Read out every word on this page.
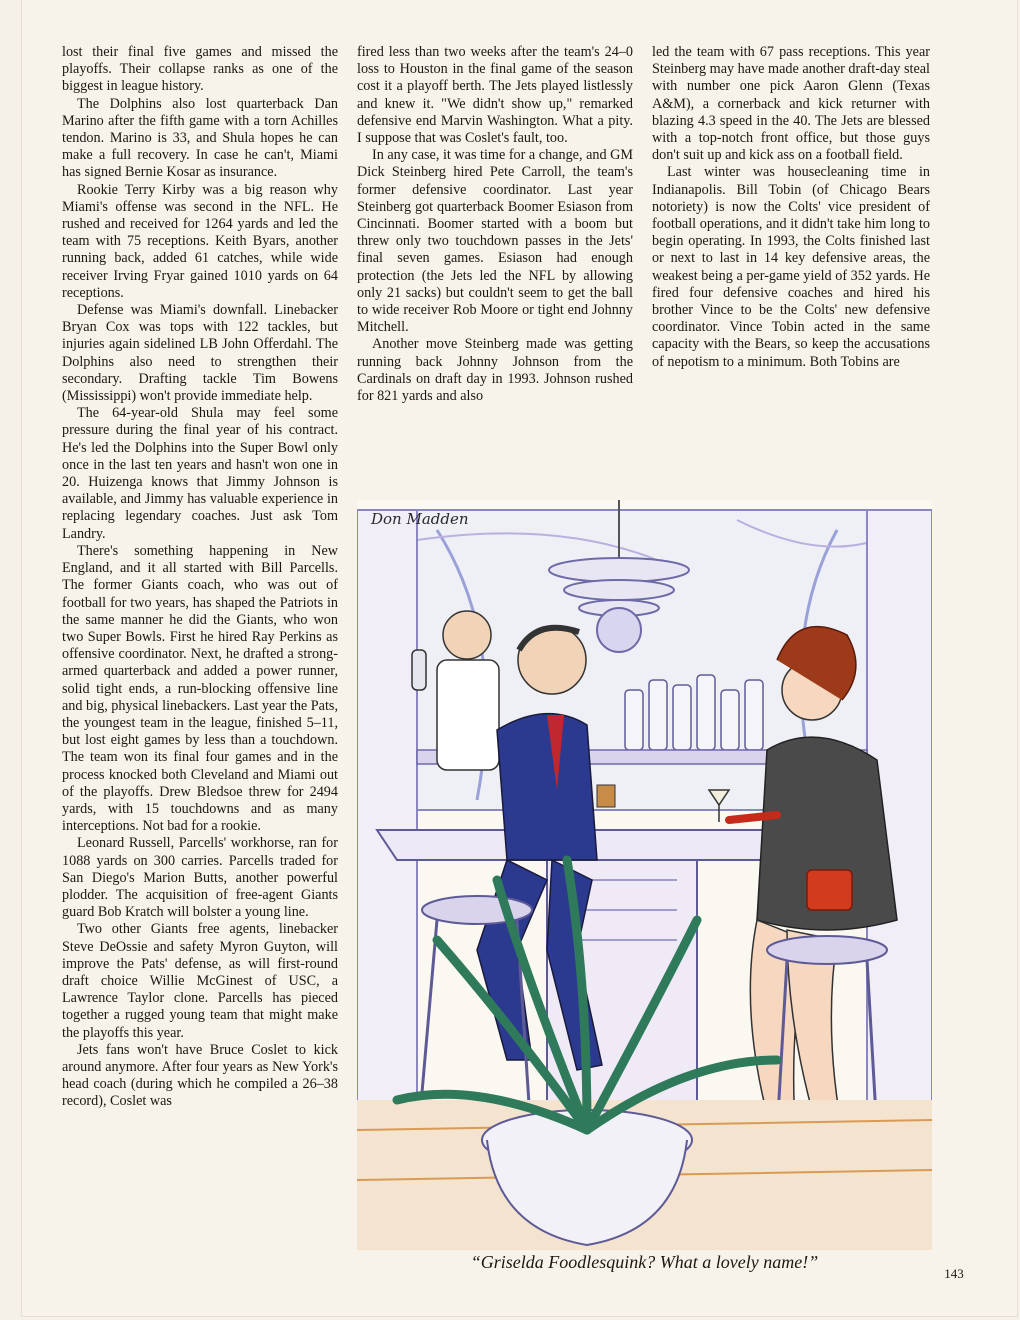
lost their final five games and missed the playoffs. Their collapse ranks as one of the biggest in league history.

The Dolphins also lost quarterback Dan Marino after the fifth game with a torn Achilles tendon. Marino is 33, and Shula hopes he can make a full recovery. In case he can't, Miami has signed Bernie Kosar as insurance.

Rookie Terry Kirby was a big reason why Miami's offense was second in the NFL. He rushed and received for 1264 yards and led the team with 75 receptions. Keith Byars, another running back, added 61 catches, while wide receiver Irving Fryar gained 1010 yards on 64 receptions.

Defense was Miami's downfall. Linebacker Bryan Cox was tops with 122 tackles, but injuries again sidelined LB John Offerdahl. The Dolphins also need to strengthen their secondary. Drafting tackle Tim Bowens (Mississippi) won't provide immediate help.

The 64-year-old Shula may feel some pressure during the final year of his contract. He's led the Dolphins into the Super Bowl only once in the last ten years and hasn't won one in 20. Huizenga knows that Jimmy Johnson is available, and Jimmy has valuable experience in replacing legendary coaches. Just ask Tom Landry.

There's something happening in New England, and it all started with Bill Parcells. The former Giants coach, who was out of football for two years, has shaped the Patriots in the same manner he did the Giants, who won two Super Bowls. First he hired Ray Perkins as offensive coordinator. Next, he drafted a strong-armed quarterback and added a power runner, solid tight ends, a run-blocking offensive line and big, physical linebackers. Last year the Pats, the youngest team in the league, finished 5–11, but lost eight games by less than a touchdown. The team won its final four games and in the process knocked both Cleveland and Miami out of the playoffs. Drew Bledsoe threw for 2494 yards, with 15 touchdowns and as many interceptions. Not bad for a rookie.

Leonard Russell, Parcells' workhorse, ran for 1088 yards on 300 carries. Parcells traded for San Diego's Marion Butts, another powerful plodder. The acquisition of free-agent Giants guard Bob Kratch will bolster a young line.

Two other Giants free agents, linebacker Steve DeOssie and safety Myron Guyton, will improve the Pats' defense, as will first-round draft choice Willie McGinest of USC, a Lawrence Taylor clone. Parcells has pieced together a rugged young team that might make the playoffs this year.

Jets fans won't have Bruce Coslet to kick around anymore. After four years as New York's head coach (during which he compiled a 26–38 record), Coslet was

fired less than two weeks after the team's 24–0 loss to Houston in the final game of the season cost it a playoff berth. The Jets played listlessly and knew it. "We didn't show up," remarked defensive end Marvin Washington. What a pity. I suppose that was Coslet's fault, too.

In any case, it was time for a change, and GM Dick Steinberg hired Pete Carroll, the team's former defensive coordinator. Last year Steinberg got quarterback Boomer Esiason from Cincinnati. Boomer started with a boom but threw only two touchdown passes in the Jets' final seven games. Esiason had enough protection (the Jets led the NFL by allowing only 21 sacks) but couldn't seem to get the ball to wide receiver Rob Moore or tight end Johnny Mitchell.

Another move Steinberg made was getting running back Johnny Johnson from the Cardinals on draft day in 1993. Johnson rushed for 821 yards and also

led the team with 67 pass receptions. This year Steinberg may have made another draft-day steal with number one pick Aaron Glenn (Texas A&M), a cornerback and kick returner with blazing 4.3 speed in the 40. The Jets are blessed with a top-notch front office, but those guys don't suit up and kick ass on a football field.

Last winter was housecleaning time in Indianapolis. Bill Tobin (of Chicago Bears notoriety) is now the Colts' vice president of football operations, and it didn't take him long to begin operating. In 1993, the Colts finished last or next to last in 14 key defensive areas, the weakest being a per-game yield of 352 yards. He fired four defensive coaches and hired his brother Vince to be the Colts' new defensive coordinator. Vince Tobin acted in the same capacity with the Bears, so keep the accusations of nepotism to a minimum. Both Tobins are

Don Madden
“Griselda Foodlesquink? What a lovely name!”
143
